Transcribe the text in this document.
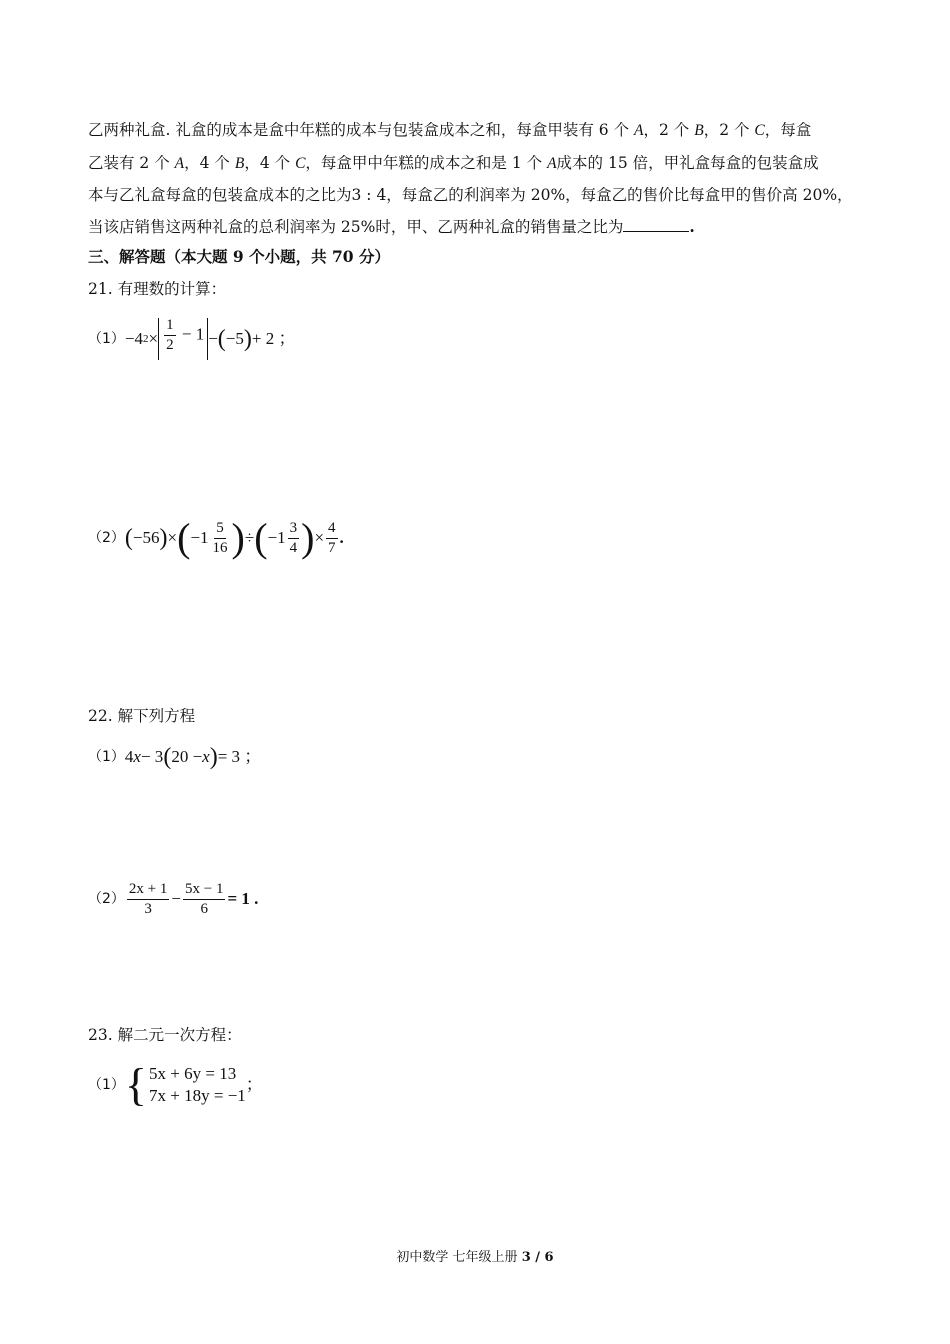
乙两种礼盒. 礼盒的成本是盒中年糕的成本与包装盒成本之和，每盒甲装有 6 个 A，2 个 B，2 个 C，每盒
乙装有 2 个 A，4 个 B，4 个 C，每盒甲中年糕的成本之和是 1 个 A成本的 15 倍，甲礼盒每盒的包装盒成
本与乙礼盒每盒的包装盒成本的之比为3 : 4，每盒乙的利润率为 20%，每盒乙的售价比每盒甲的售价高 20%，
当该店销售这两种礼盒的总利润率为 25%时，甲、乙两种礼盒的销售量之比为	.
三、解答题（本大题 9 个小题，共 70 分）
21. 有理数的计算：
（1） −4 $2 \times \frac{1}{2} - 1$ − ( −5 ) + 2 ；
（2） ( −56 ) × ( $-1 \frac{5}{16}$ ) ÷ ( $-1 \frac{3}{4}$ ) × $\frac{4}{7}$ .
22. 解下列方程
（1） 4 x − 3 ( 20 − x ) = 3 ；
$(2) \frac{2x + 1}{3} - \frac{5x - 1}{6} = 1$ .
23. 解二元一次方程：
（1） { 5x + 6y = 13
7x + 18y = −1
；
初中数学 七年级上册 3 / 6
